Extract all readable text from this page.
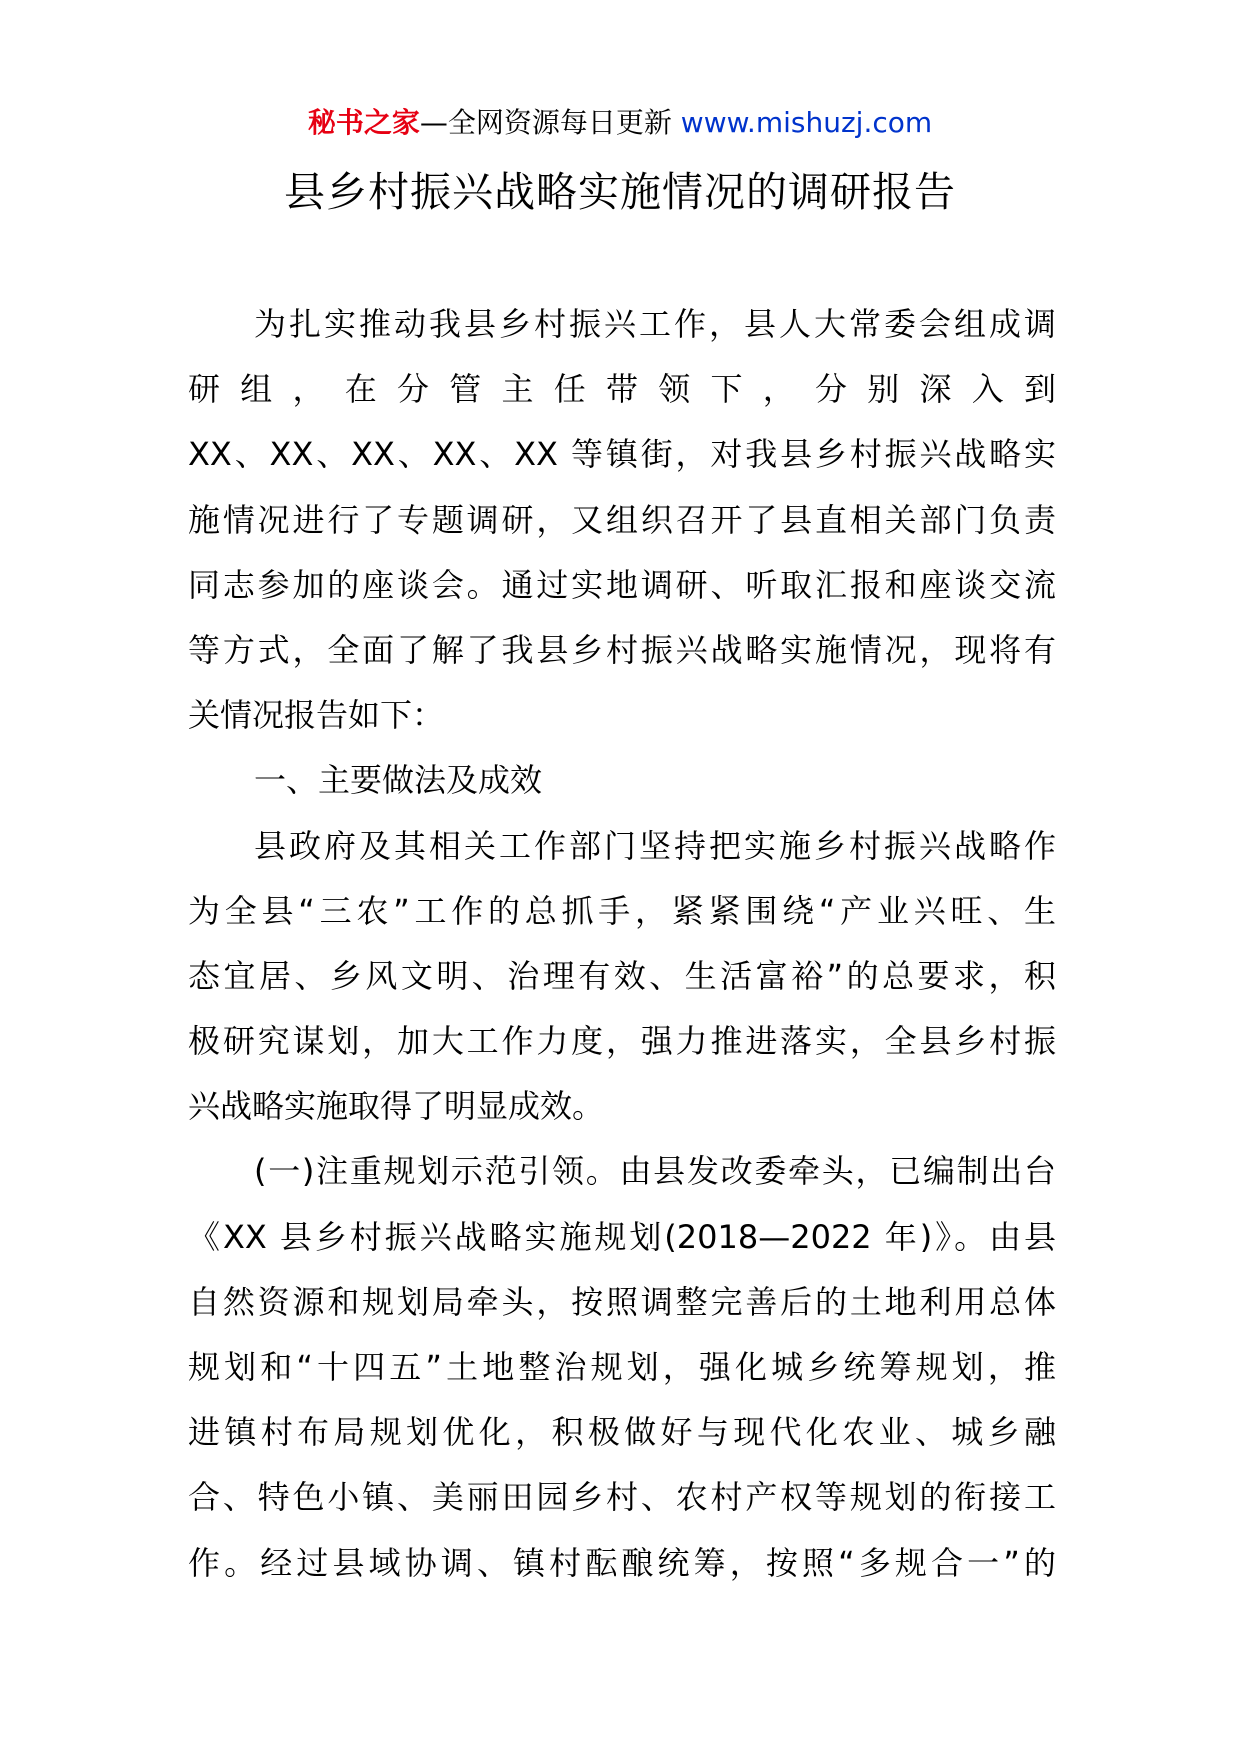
秘书之家—全网资源每日更新 www.mishuzj.com
县乡村振兴战略实施情况的调研报告
为扎实推动我县乡村振兴工作，县人大常委会组成调
研组，在分管主任带领下，分别深入到
XX、XX、XX、XX、XX 等镇街，对我县乡村振兴战略实
施情况进行了专题调研，又组织召开了县直相关部门负责
同志参加的座谈会。通过实地调研、听取汇报和座谈交流
等方式，全面了解了我县乡村振兴战略实施情况，现将有
关情况报告如下：
一、主要做法及成效
县政府及其相关工作部门坚持把实施乡村振兴战略作
为全县“三农”工作的总抓手，紧紧围绕“产业兴旺、生
态宜居、乡风文明、治理有效、生活富裕”的总要求，积
极研究谋划，加大工作力度，强力推进落实，全县乡村振
兴战略实施取得了明显成效。
(一)注重规划示范引领。由县发改委牵头，已编制出台
《XX 县乡村振兴战略实施规划(2018—2022 年)》。由县
自然资源和规划局牵头，按照调整完善后的土地利用总体
规划和“十四五”土地整治规划，强化城乡统筹规划，推
进镇村布局规划优化，积极做好与现代化农业、城乡融
合、特色小镇、美丽田园乡村、农村产权等规划的衔接工
作。经过县域协调、镇村酝酿统筹，按照“多规合一”的
